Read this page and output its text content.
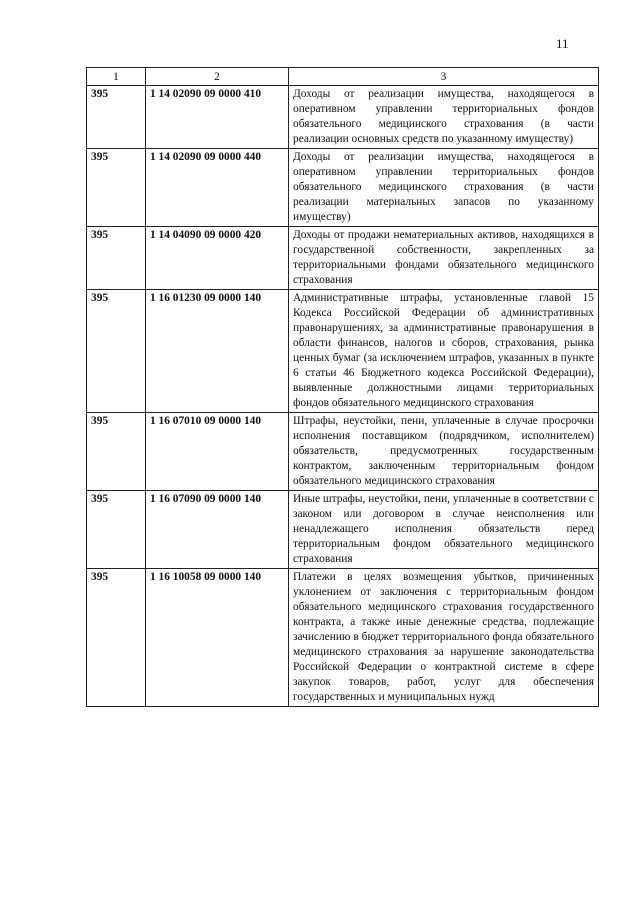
11
1	2	3
395	1 14 02090 09 0000 410	Доходы от реализации имущества, находящегося в оперативном управлении территориальных фондов обязательного медицинского страхования (в части реализации основных средств по указанному имуществу)
395	1 14 02090 09 0000 440	Доходы от реализации имущества, находящегося в оперативном управлении территориальных фондов обязательного медицинского страхования (в части реализации материальных запасов по указанному имуществу)
395	1 14 04090 09 0000 420	Доходы от продажи нематериальных активов, находящихся в государственной собственности, закрепленных за территориальными фондами обязательного медицинского страхования
395	1 16 01230 09 0000 140	Административные штрафы, установленные главой 15 Кодекса Российской Федерации об административных правонарушениях, за административные правонарушения в области финансов, налогов и сборов, страхования, рынка ценных бумаг (за исключением штрафов, указанных в пункте 6 статьи 46 Бюджетного кодекса Российской Федерации), выявленные должностными лицами территориальных фондов обязательного медицинского страхования
395	1 16 07010 09 0000 140	Штрафы, неустойки, пени, уплаченные в случае просрочки исполнения поставщиком (подрядчиком, исполнителем) обязательств, предусмотренных государственным контрактом, заключенным территориальным фондом обязательного медицинского страхования
395	1 16 07090 09 0000 140	Иные штрафы, неустойки, пени, уплаченные в соответствии с законом или договором в случае неисполнения или ненадлежащего исполнения обязательств перед территориальным фондом обязательного медицинского страхования
395	1 16 10058 09 0000 140	Платежи в целях возмещения убытков, причиненных уклонением от заключения с территориальным фондом обязательного медицинского страхования государственного контракта, а также иные денежные средства, подлежащие зачислению в бюджет территориального фонда обязательного медицинского страхования за нарушение законодательства Российской Федерации о контрактной системе в сфере закупок товаров, работ, услуг для обеспечения государственных и муниципальных нужд
